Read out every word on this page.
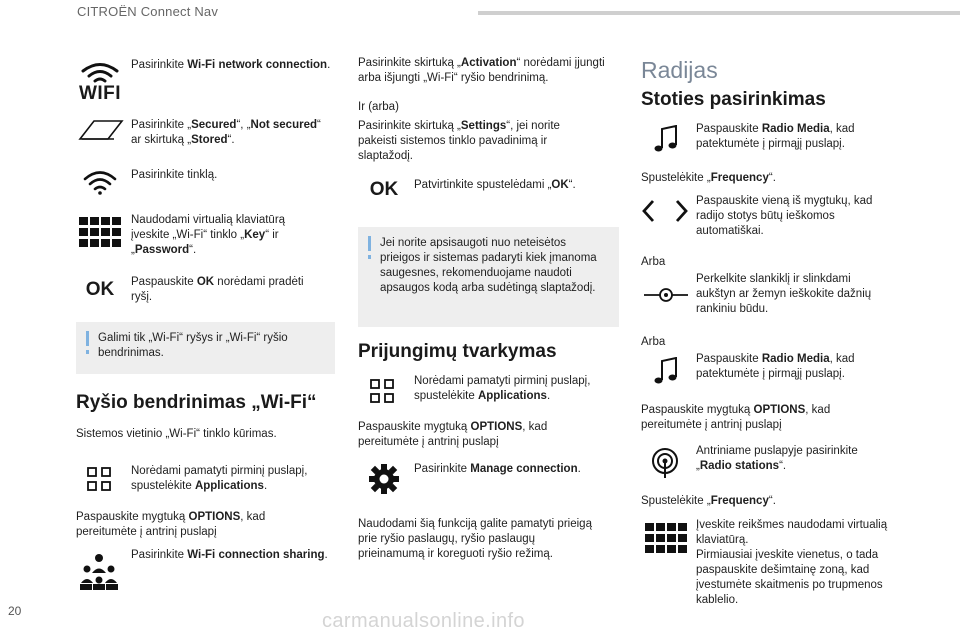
CITROËN Connect Nav
20	carmanualsonline.info
WIFI
Pasirinkite Wi-Fi network connection.
Pasirinkite „Secured“, „Not secured“ ar skirtuką „Stored“.
Pasirinkite tinklą.
Naudodami virtualią klaviatūrą įveskite „Wi-Fi“ tinklo „Key“ ir „Password“.
OK	Paspauskite OK norėdami pradėti ryšį.
Galimi tik „Wi-Fi“ ryšys ir „Wi-Fi“ ryšio bendrinimas.
Ryšio bendrinimas „Wi-Fi“
Sistemos vietinio „Wi-Fi“ tinklo kūrimas.
Norėdami pamatyti pirminį puslapį, spustelėkite Applications.
Paspauskite mygtuką OPTIONS, kad pereitumėte į antrinį puslapį
Pasirinkite Wi-Fi connection sharing.
Pasirinkite skirtuką „Activation“ norėdami įjungti arba išjungti „Wi-Fi“ ryšio bendrinimą.
Ir (arba)
Pasirinkite skirtuką „Settings“, jei norite pakeisti sistemos tinklo pavadinimą ir slaptažodį.
OK	Patvirtinkite spustelėdami „OK“.
Jei norite apsisaugoti nuo neteisėtos prieigos ir sistemas padaryti kiek įmanoma saugesnes, rekomenduojame naudoti apsaugos kodą arba sudėtingą slaptažodį.
Prijungimų tvarkymas
Norėdami pamatyti pirminį puslapį, spustelėkite Applications.
Paspauskite mygtuką OPTIONS, kad pereitumėte į antrinį puslapį
Pasirinkite Manage connection.
Naudodami šią funkciją galite pamatyti prieigą prie ryšio paslaugų, ryšio paslaugų prieinamumą ir koreguoti ryšio režimą.
Radijas
Stoties pasirinkimas
Paspauskite Radio Media, kad patektumėte į pirmąjį puslapį.
Spustelėkite „Frequency“.
Paspauskite vieną iš mygtukų, kad radijo stotys būtų ieškomos automatiškai.
Arba
Perkelkite slankiklį ir slinkdami aukštyn ar žemyn ieškokite dažnių rankiniu būdu.
Arba
Paspauskite Radio Media, kad patektumėte į pirmąjį puslapį.
Paspauskite mygtuką OPTIONS, kad pereitumėte į antrinį puslapį
Antriniame puslapyje pasirinkite „Radio stations“.
Spustelėkite „Frequency“.
Įveskite reikšmes naudodami virtualią klaviatūrą.
Pirmiausiai įveskite vienetus, o tada paspauskite dešimtainę zoną, kad įvestumėte skaitmenis po trupmenos kablelio.
